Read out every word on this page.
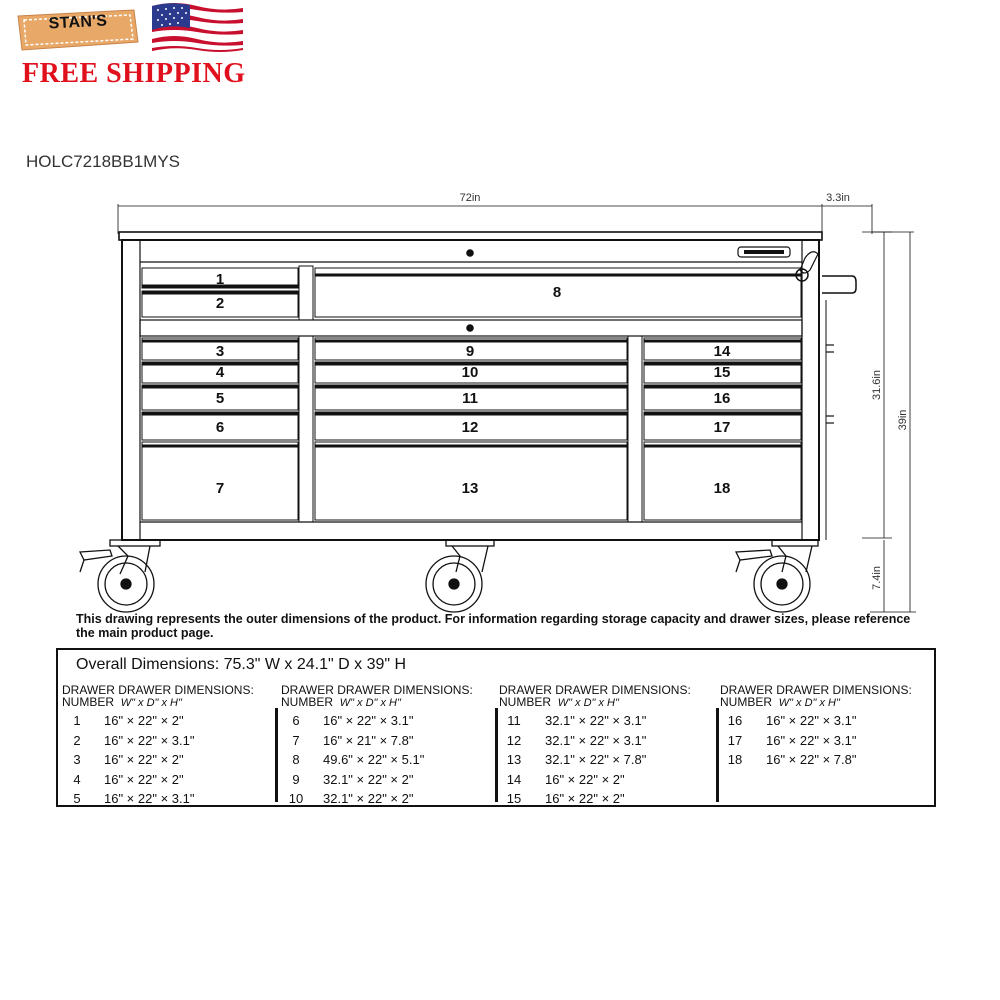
STAN'S
FREE SHIPPING
HOLC7218BB1MYS
72in	3.3in
31.6in
39in
7.4in
1
2
3
4
5
6
7
8
9
10
11
12
13
14
15
16
17
18
This drawing represents the outer dimensions of the product. For information regarding storage capacity and drawer sizes, please reference the main product page.
Overall Dimensions: 75.3" W x 24.1" D x 39" H
DRAWER DRAWER DIMENSIONS:
NUMBER W" x D" x H"
1 16" × 22" × 2"
2 16" × 22" × 3.1"
3 16" × 22" × 2"
4 16" × 22" × 2"
5 16" × 22" × 3.1"
DRAWER DRAWER DIMENSIONS:
NUMBER W" x D" x H"
6 16" × 22" × 3.1"
7 16" × 21" × 7.8"
8 49.6" × 22" × 5.1"
9 32.1" × 22" × 2"
10 32.1" × 22" × 2"
DRAWER DRAWER DIMENSIONS:
NUMBER W" x D" x H"
11 32.1" × 22" × 3.1"
12 32.1" × 22" × 3.1"
13 32.1" × 22" × 7.8"
14 16" × 22" × 2"
15 16" × 22" × 2"
DRAWER DRAWER DIMENSIONS:
NUMBER W" x D" x H"
16 16" × 22" × 3.1"
17 16" × 22" × 3.1"
18 16" × 22" × 7.8"
